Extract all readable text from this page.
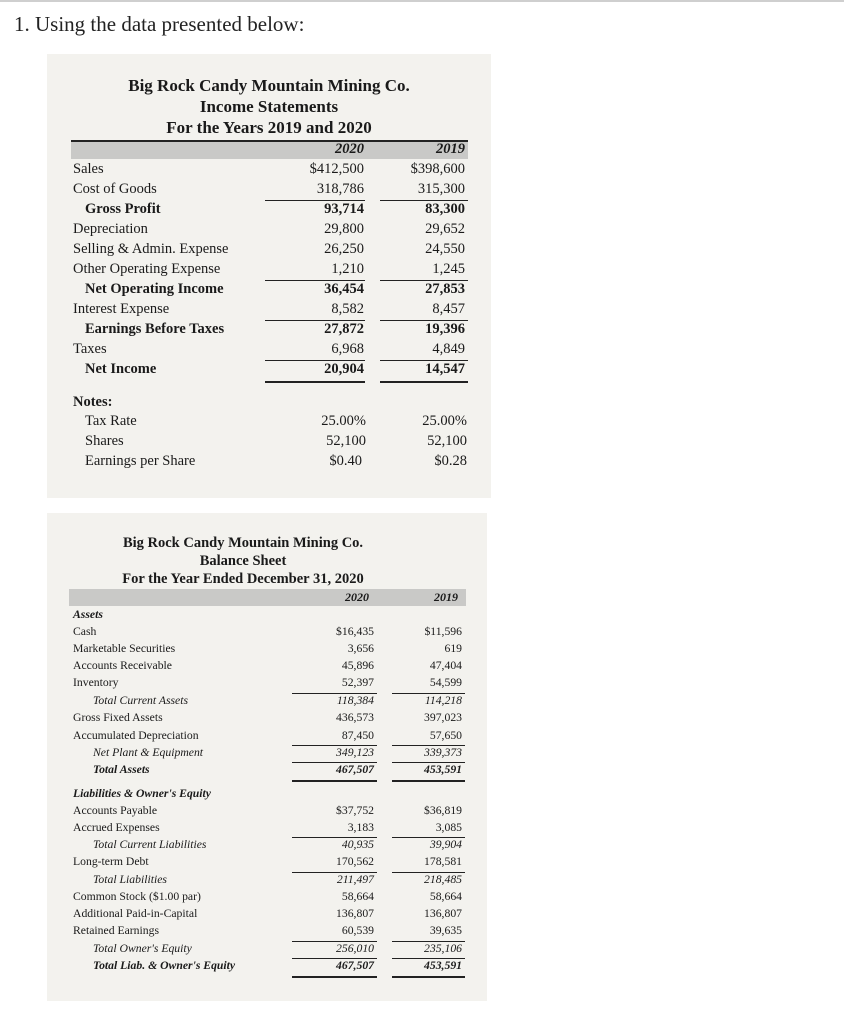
1. Using the data presented below:
Big Rock Candy Mountain Mining Co.
Income Statements
For the Years 2019 and 2020
2020	2019
Sales	$412,500	$398,600
Cost of Goods	318,786	315,300
Gross Profit	93,714	83,300
Depreciation	29,800	29,652
Selling & Admin. Expense	26,250	24,550
Other Operating Expense	1,210	1,245
Net Operating Income	36,454	27,853
Interest Expense	8,582	8,457
Earnings Before Taxes	27,872	19,396
Taxes	6,968	4,849
Net Income	20,904	14,547
Notes:
Tax Rate	25.00%	25.00%
Shares	52,100	52,100
Earnings per Share	$0.40	$0.28
Big Rock Candy Mountain Mining Co.
Balance Sheet
For the Year Ended December 31, 2020
2020	2019
Assets
Cash	$16,435	$11,596
Marketable Securities	3,656	619
Accounts Receivable	45,896	47,404
Inventory	52,397	54,599
Total Current Assets	118,384	114,218
Gross Fixed Assets	436,573	397,023
Accumulated Depreciation	87,450	57,650
Net Plant & Equipment	349,123	339,373
Total Assets	467,507	453,591
Liabilities & Owner's Equity
Accounts Payable	$37,752	$36,819
Accrued Expenses	3,183	3,085
Total Current Liabilities	40,935	39,904
Long-term Debt	170,562	178,581
Total Liabilities	211,497	218,485
Common Stock ($1.00 par)	58,664	58,664
Additional Paid-in-Capital	136,807	136,807
Retained Earnings	60,539	39,635
Total Owner's Equity	256,010	235,106
Total Liab. & Owner's Equity	467,507	453,591
